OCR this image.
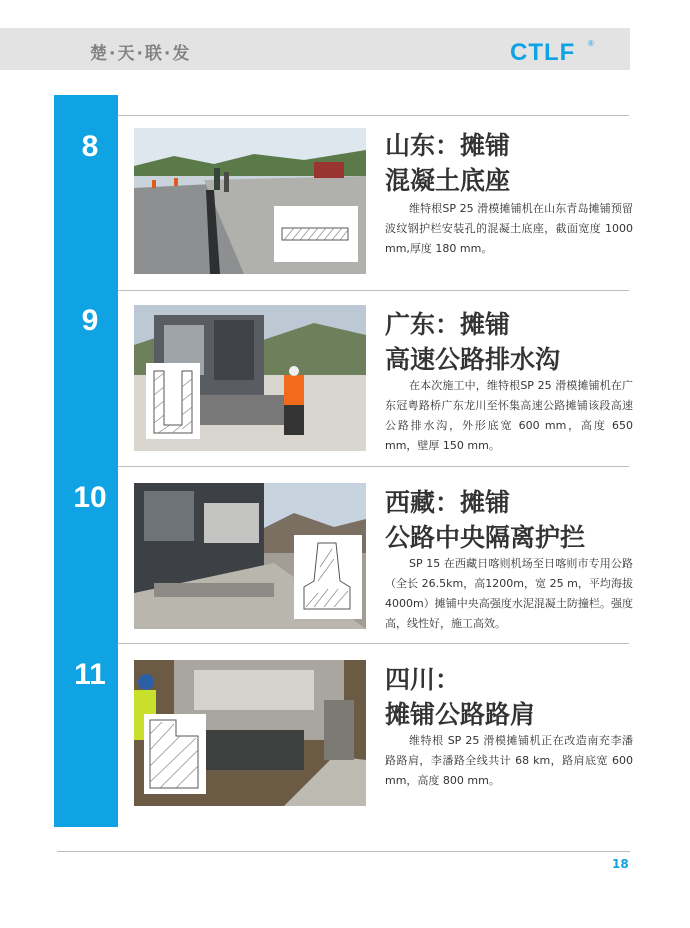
楚·天·联·发	CTLF ®
8	山东：摊铺
混凝土底座
维特根SP 25 滑模摊铺机在山东青岛摊铺预留波纹钢护栏安装孔的混凝土底座，截面宽度 1000 mm,厚度 180 mm。
9	广东：摊铺
高速公路排水沟
在本次施工中，维特根SP 25 滑模摊铺机在广东冠粤路桥广东龙川至怀集高速公路摊铺该段高速公路排水沟，外形底宽 600 mm，高度 650 mm，壁厚 150 mm。
10	西藏：摊铺
公路中央隔离护拦
SP 15 在西藏日喀则机场至日喀则市专用公路（全长 26.5km，高1200m，宽 25 m，平均海拔4000m）摊铺中央高强度水泥混凝土防撞栏。强度高，线性好，施工高效。
11	四川：
摊铺公路路肩
维特根 SP 25 滑模摊铺机正在改造南充李潘路路肩，李潘路全线共计 68 km，路肩底宽 600 mm，高度 800 mm。
18
